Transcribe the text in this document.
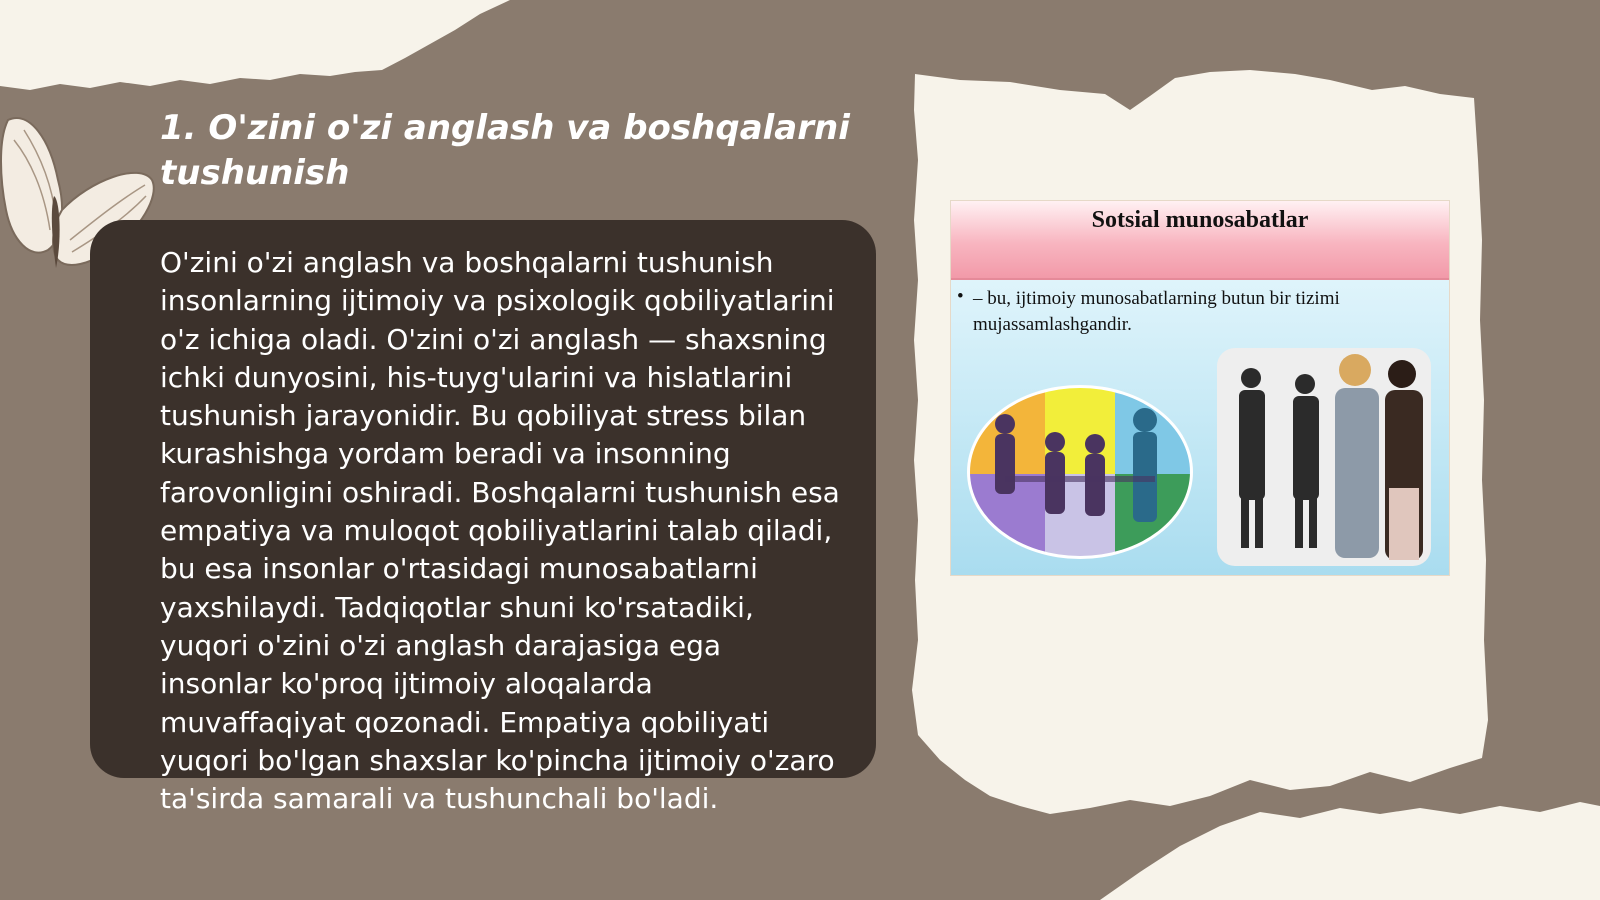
1. O'zini o'zi anglash va boshqalarni tushunish

O'zini o'zi anglash va boshqalarni tushunish insonlarning ijtimoiy va psixologik qobiliyatlarini o'z ichiga oladi. O'zini o'zi anglash — shaxsning ichki dunyosini, his-tuyg'ularini va hislatlarini tushunish jarayonidir. Bu qobiliyat stress bilan kurashishga yordam beradi va insonning farovonligini oshiradi. Boshqalarni tushunish esa empatiya va muloqot qobiliyatlarini talab qiladi, bu esa insonlar o'rtasidagi munosabatlarni yaxshilaydi. Tadqiqotlar shuni ko'rsatadiki, yuqori o'zini o'zi anglash darajasiga ega insonlar ko'proq ijtimoiy aloqalarda muvaffaqiyat qozonadi. Empatiya qobiliyati yuqori bo'lgan shaxslar ko'pincha ijtimoiy o'zaro ta'sirda samarali va tushunchali bo'ladi.

Sotsial munosabatlar
• – bu, ijtimoiy munosabatlarning butun bir tizimi mujassamlashgandir.
